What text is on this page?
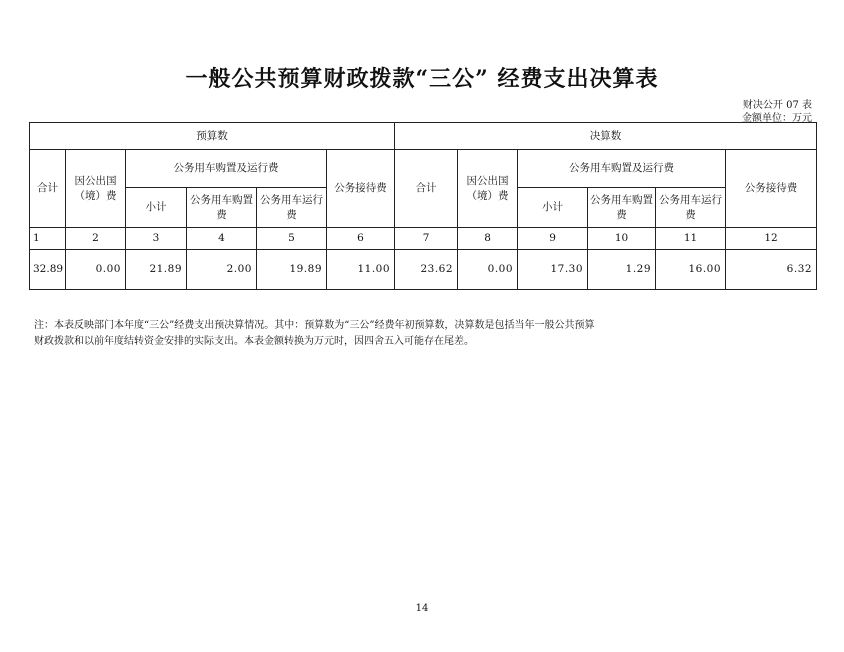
一般公共预算财政拨款“三公” 经费支出决算表
财决公开 07 表
金额单位：万元
预算数						决算数					
合计	因公出国（境）费	公务用车购置及运行费			公务接待费	合计	因公出国（境）费	公务用车购置及运行费			公务接待费
		小计	公务用车购置费	公务用车运行费				小计	公务用车购置费	公务用车运行费	
1	2	3	4	5	6	7	8	9	10	11	12
32.89	0.00	21.89	2.00	19.89	11.00	23.62	0.00	17.30	1.29	16.00	6.32
注：本表反映部门本年度“三公”经费支出预决算情况。其中：预算数为“三公”经费年初预算数，决算数是包括当年一般公共预算
财政拨款和以前年度结转资金安排的实际支出。本表金额转换为万元时，因四舍五入可能存在尾差。
14
